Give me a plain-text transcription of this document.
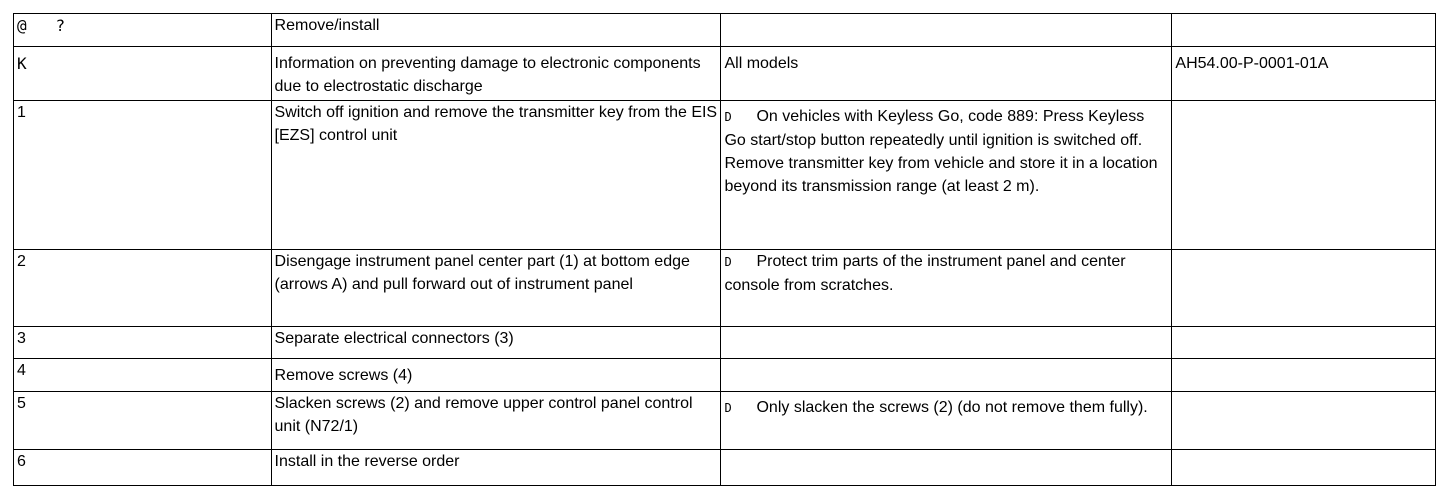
@   ?	Remove/install		

K	Information on preventing damage to electronic components due to electrostatic discharge	All models	AH54.00-P-0001-01A

1	Switch off ignition and remove the transmitter key from the EIS [EZS] control unit	D On vehicles with Keyless Go, code 889: Press Keyless Go start/stop button repeatedly until ignition is switched off. Remove transmitter key from vehicle and store it in a location beyond its transmission range (at least 2 m).	
2	Disengage instrument panel center part (1) at bottom edge (arrows A) and pull forward out of instrument panel	D Protect trim parts of the instrument panel and center console from scratches.	
3	Separate electrical connectors (3)		
4	Remove screws (4)		
5	Slacken screws (2) and remove upper control panel control unit (N72/1)	D Only slacken the screws (2) (do not remove them fully).	
6	Install in the reverse order		
